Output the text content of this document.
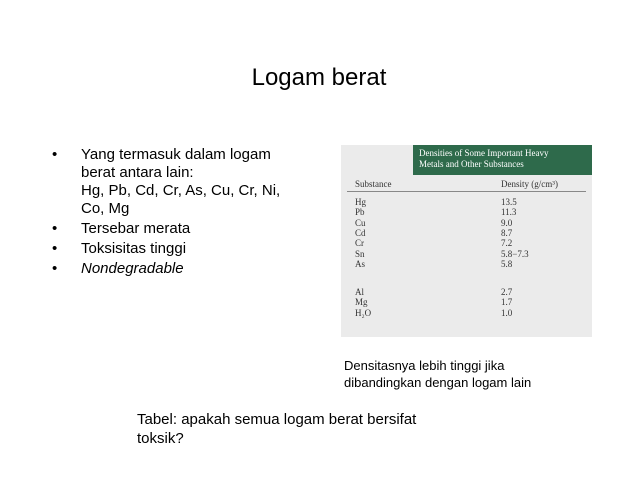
Logam berat
• Yang termasuk dalam logam
berat antara lain:
Hg, Pb, Cd, Cr, As, Cu, Cr, Ni,
Co, Mg
• Tersebar merata
• Toksisitas tinggi
• Nondegradable
Densities of Some Important Heavy
Metals and Other Substances
Substance	Density (g/cm³)
Hg	13.5
Pb	11.3
Cu	9.0
Cd	8.7
Cr	7.2
Sn	5.8−7.3
As	5.8
Al	2.7
Mg	1.7
H₂O	1.0
Densitasnya lebih tinggi jika
dibandingkan dengan logam lain
Tabel: apakah semua logam berat bersifat
toksik?
